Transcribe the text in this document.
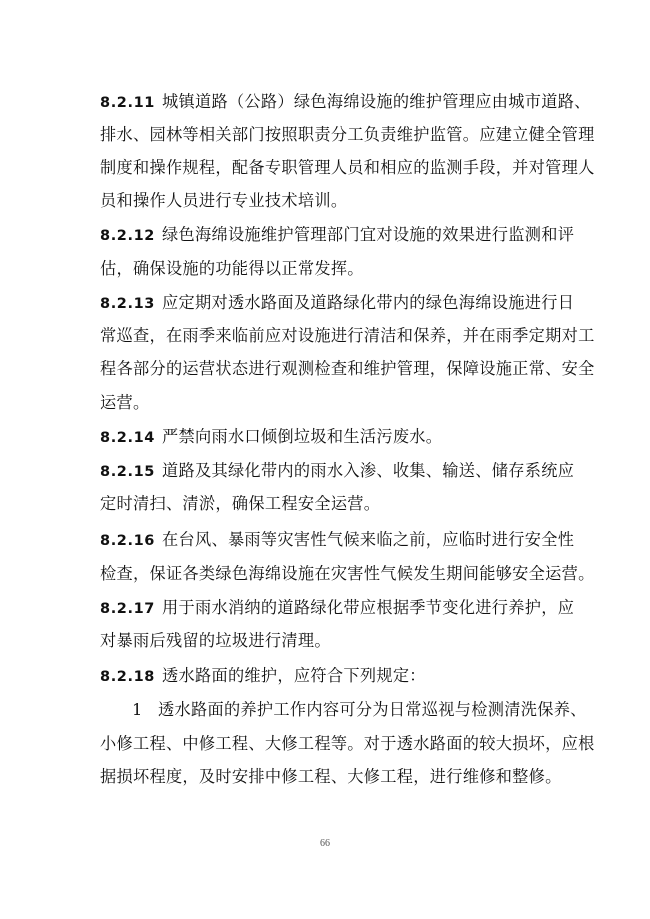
8.2.11 城镇道路（公路）绿色海绵设施的维护管理应由城市道路、
排水、园林等相关部门按照职责分工负责维护监管。应建立健全管理
制度和操作规程，配备专职管理人员和相应的监测手段，并对管理人
员和操作人员进行专业技术培训。
8.2.12 绿色海绵设施维护管理部门宜对设施的效果进行监测和评
估，确保设施的功能得以正常发挥。
8.2.13 应定期对透水路面及道路绿化带内的绿色海绵设施进行日
常巡查，在雨季来临前应对设施进行清洁和保养，并在雨季定期对工
程各部分的运营状态进行观测检查和维护管理，保障设施正常、安全
运营。
8.2.14 严禁向雨水口倾倒垃圾和生活污废水。
8.2.15 道路及其绿化带内的雨水入渗、收集、输送、储存系统应
定时清扫、清淤，确保工程安全运营。
8.2.16 在台风、暴雨等灾害性气候来临之前，应临时进行安全性
检查，保证各类绿色海绵设施在灾害性气候发生期间能够安全运营。
8.2.17 用于雨水消纳的道路绿化带应根据季节变化进行养护，应
对暴雨后残留的垃圾进行清理。
8.2.18 透水路面的维护，应符合下列规定：
1 透水路面的养护工作内容可分为日常巡视与检测清洗保养、
小修工程、中修工程、大修工程等。对于透水路面的较大损坏，应根
据损坏程度，及时安排中修工程、大修工程，进行维修和整修。
66
